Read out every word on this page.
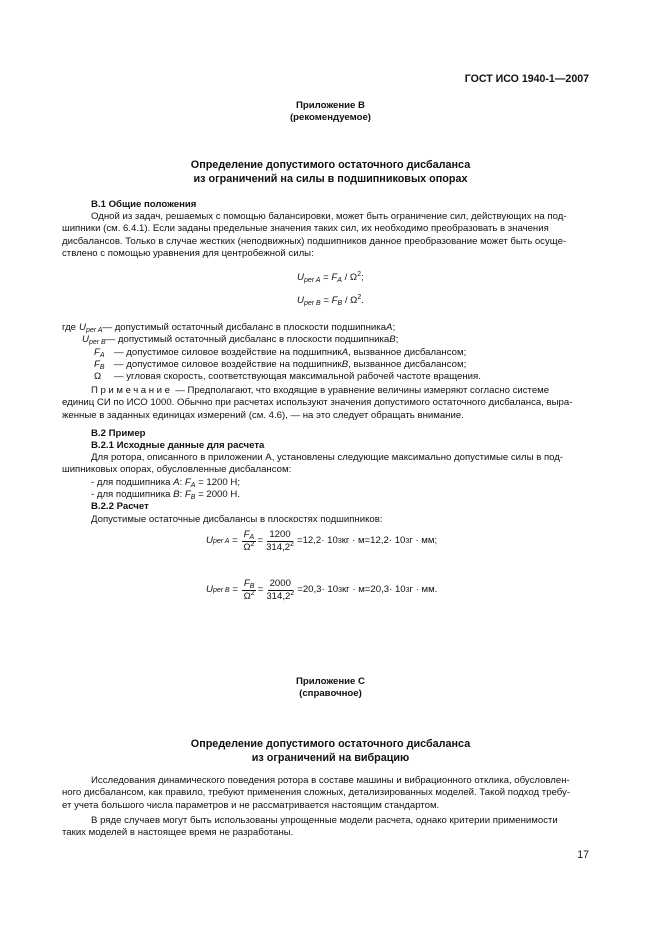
ГОСТ ИСО 1940-1—2007
Приложение В
(рекомендуемое)
Определение допустимого остаточного дисбаланса
из ограничений на силы в подшипниковых опорах
В.1 Общие положения

Одной из задач, решаемых с помощью балансировки, может быть ограничение сил, действующих на под-

шипники (см. 6.4.1). Если заданы предельные значения таких сил, их необходимо преобразовать в значения

дисбалансов. Только в случае жестких (неподвижных) подшипников данное преобразование может быть осуще-

ствлено с помощью уравнения для центробежной силы:

$U_{per A} = F_A / \Omega^2$;
$U_{per B} = F_B / \Omega^2$.
где $U_{per A}$ — допустимый остаточный дисбаланс в плоскости подшипника A ;
$U_{per B}$ — допустимый остаточный дисбаланс в плоскости подшипника B ;
$F_A$ — допустимое силовое воздействие на подшипник A , вызванное дисбалансом;
$F_B$ — допустимое силовое воздействие на подшипник B , вызванное дисбалансом;
Ω	— угловая скорость, соответствующая максимальной рабочей частоте вращения.

Примечание — Предполагают, что входящие в уравнение величины измеряют согласно системе

единиц СИ по ИСО 1000. Обычно при расчетах используют значения допустимого остаточного дисбаланса, выра-

женные в заданных единицах измерений (см. 4.6), — на это следует обращать внимание.

В.2 Пример
В.2.1 Исходные данные для расчета

Для ротора, описанного в приложении А, установлены следующие максимально допустимые силы в под-

шипниковых опорах, обусловленные дисбалансом:

- для подшипника A: $F_A = 1200$ Н;
- для подшипника B: $F_B = 2000$ Н.
В.2.2 Расчет
Допустимые остаточные дисбалансы в плоскостях подшипников:
U per $A = \frac{F_A}{\Omega^2} = \frac{1200}{314,2^2} = 12,2\cdot 10$ 3 кг · м = 12,2· 10 3 г · мм;
U per $B = \frac{F_B}{\Omega^2} = \frac{2000}{314,2^2} = 20,3\cdot 10$ 3 кг · м = 20,3· 10 3 г · мм.
Приложение С
(справочное)
Определение допустимого остаточного дисбаланса
из ограничений на вибрацию

Исследования динамического поведения ротора в составе машины и вибрационного отклика, обусловлен-

ного дисбалансом, как правило, требуют применения сложных, детализированных моделей. Такой подход требу-

ет учета большого числа параметров и не рассматривается настоящим стандартом.

В ряде случаев могут быть использованы упрощенные модели расчета, однако критерии применимости

таких моделей в настоящее время не разработаны.

17
